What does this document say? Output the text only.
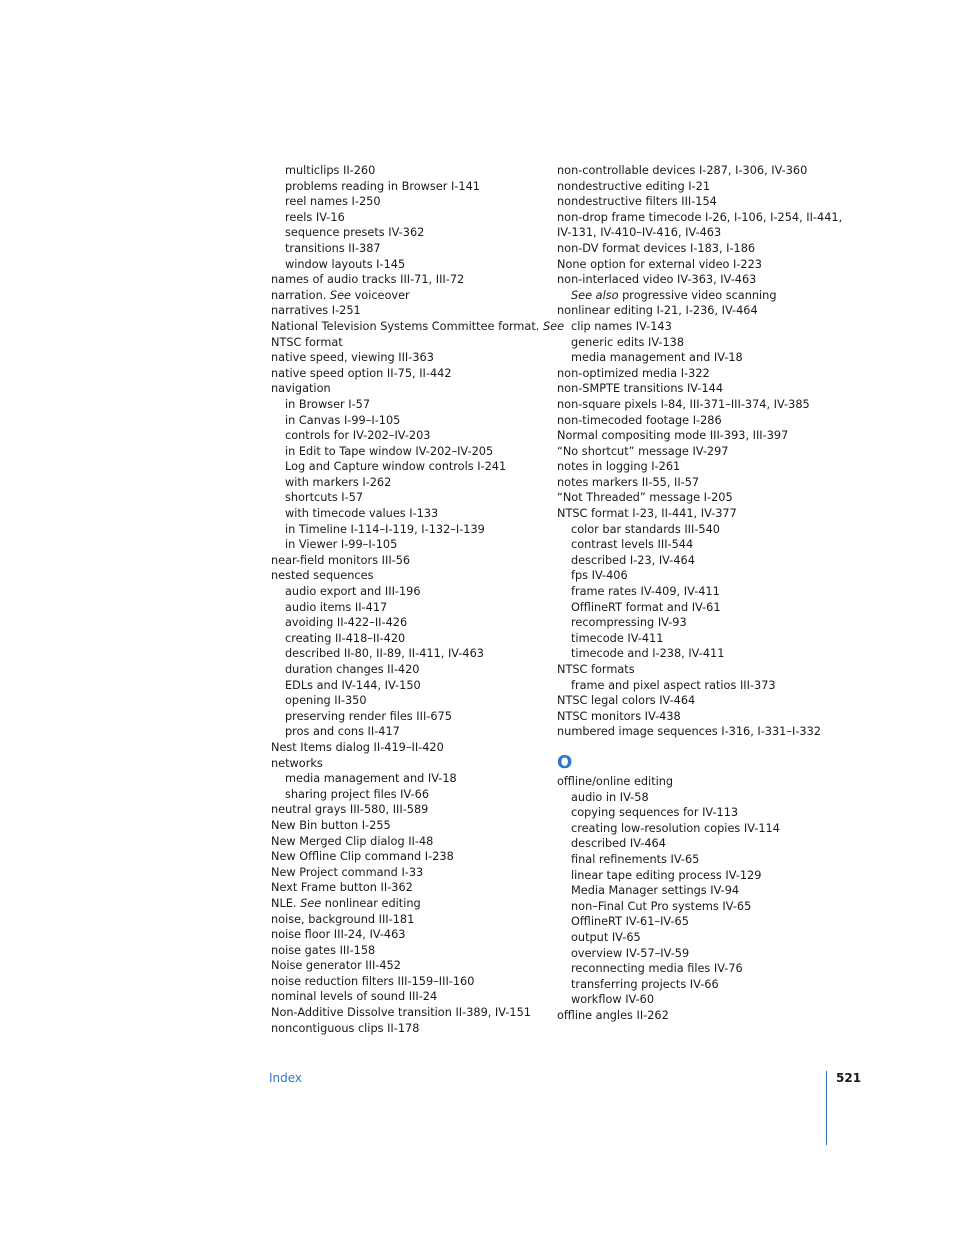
multiclips II-260
problems reading in Browser I-141
reel names I-250
reels IV-16
sequence presets IV-362
transitions II-387
window layouts I-145
names of audio tracks III-71, III-72
narration. See voiceover
narratives I-251
National Television Systems Committee format. See
NTSC format
native speed, viewing III-363
native speed option II-75, II-442
navigation
in Browser I-57
in Canvas I-99–I-105
controls for IV-202–IV-203
in Edit to Tape window IV-202–IV-205
Log and Capture window controls I-241
with markers I-262
shortcuts I-57
with timecode values I-133
in Timeline I-114–I-119, I-132–I-139
in Viewer I-99–I-105
near-field monitors III-56
nested sequences
audio export and III-196
audio items II-417
avoiding II-422–II-426
creating II-418–II-420
described II-80, II-89, II-411, IV-463
duration changes II-420
EDLs and IV-144, IV-150
opening II-350
preserving render files III-675
pros and cons II-417
Nest Items dialog II-419–II-420
networks
media management and IV-18
sharing project files IV-66
neutral grays III-580, III-589
New Bin button I-255
New Merged Clip dialog II-48
New Offline Clip command I-238
New Project command I-33
Next Frame button II-362
NLE. See nonlinear editing
noise, background III-181
noise floor III-24, IV-463
noise gates III-158
Noise generator III-452
noise reduction filters III-159–III-160
nominal levels of sound III-24
Non-Additive Dissolve transition II-389, IV-151
noncontiguous clips II-178
non-controllable devices I-287, I-306, IV-360
nondestructive editing I-21
nondestructive filters III-154
non-drop frame timecode I-26, I-106, I-254, II-441,
IV-131, IV-410–IV-416, IV-463
non-DV format devices I-183, I-186
None option for external video I-223
non-interlaced video IV-363, IV-463
See also progressive video scanning
nonlinear editing I-21, I-236, IV-464
clip names IV-143
generic edits IV-138
media management and IV-18
non-optimized media I-322
non-SMPTE transitions IV-144
non-square pixels I-84, III-371–III-374, IV-385
non-timecoded footage I-286
Normal compositing mode III-393, III-397
“No shortcut” message IV-297
notes in logging I-261
notes markers II-55, II-57
“Not Threaded” message I-205
NTSC format I-23, II-441, IV-377
color bar standards III-540
contrast levels III-544
described I-23, IV-464
fps IV-406
frame rates IV-409, IV-411
OfflineRT format and IV-61
recompressing IV-93
timecode IV-411
timecode and I-238, IV-411
NTSC formats
frame and pixel aspect ratios III-373
NTSC legal colors IV-464
NTSC monitors IV-438
numbered image sequences I-316, I-331–I-332
O
offline/online editing
audio in IV-58
copying sequences for IV-113
creating low-resolution copies IV-114
described IV-464
final refinements IV-65
linear tape editing process IV-129
Media Manager settings IV-94
non–Final Cut Pro systems IV-65
OfflineRT IV-61–IV-65
output IV-65
overview IV-57–IV-59
reconnecting media files IV-76
transferring projects IV-66
workflow IV-60
offline angles II-262
Index	521
